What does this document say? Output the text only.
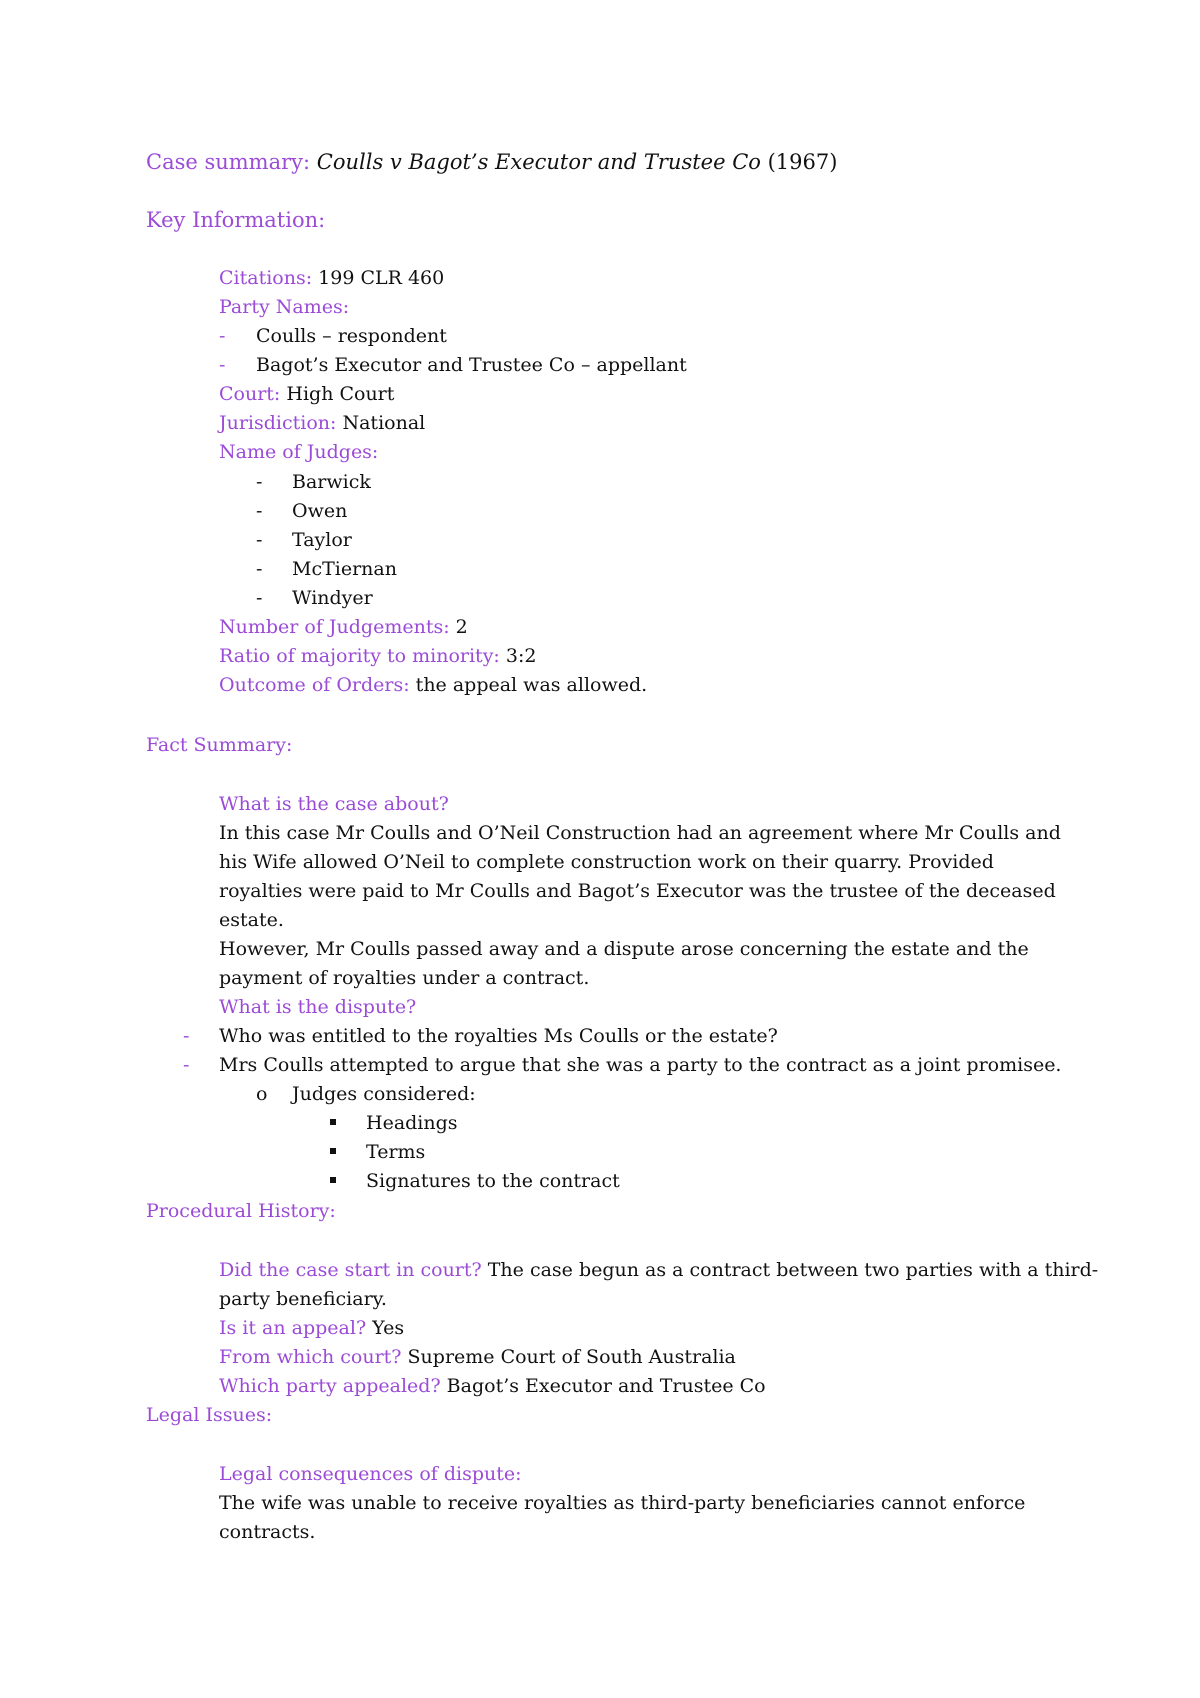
Case summary: Coulls v Bagot’s Executor and Trustee Co (1967)
Key Information:
Citations: 199 CLR 460
Party Names:
- Coulls – respondent
- Bagot’s Executor and Trustee Co – appellant
Court: High Court
Jurisdiction: National
Name of Judges:
- Barwick
- Owen
- Taylor
- McTiernan
- Windyer
Number of Judgements: 2
Ratio of majority to minority: 3:2
Outcome of Orders: the appeal was allowed.
Fact Summary:
What is the case about?
In this case Mr Coulls and O’Neil Construction had an agreement where Mr Coulls and
his Wife allowed O’Neil to complete construction work on their quarry. Provided
royalties were paid to Mr Coulls and Bagot’s Executor was the trustee of the deceased
estate.
However, Mr Coulls passed away and a dispute arose concerning the estate and the
payment of royalties under a contract.
What is the dispute?
- Who was entitled to the royalties Ms Coulls or the estate?
- Mrs Coulls attempted to argue that she was a party to the contract as a joint promisee.
o Judges considered:
Headings
Terms
Signatures to the contract
Procedural History:
Did the case start in court? The case begun as a contract between two parties with a third-
party beneficiary.
Is it an appeal? Yes
From which court? Supreme Court of South Australia
Which party appealed? Bagot’s Executor and Trustee Co
Legal Issues:
Legal consequences of dispute:
The wife was unable to receive royalties as third-party beneficiaries cannot enforce
contracts.
